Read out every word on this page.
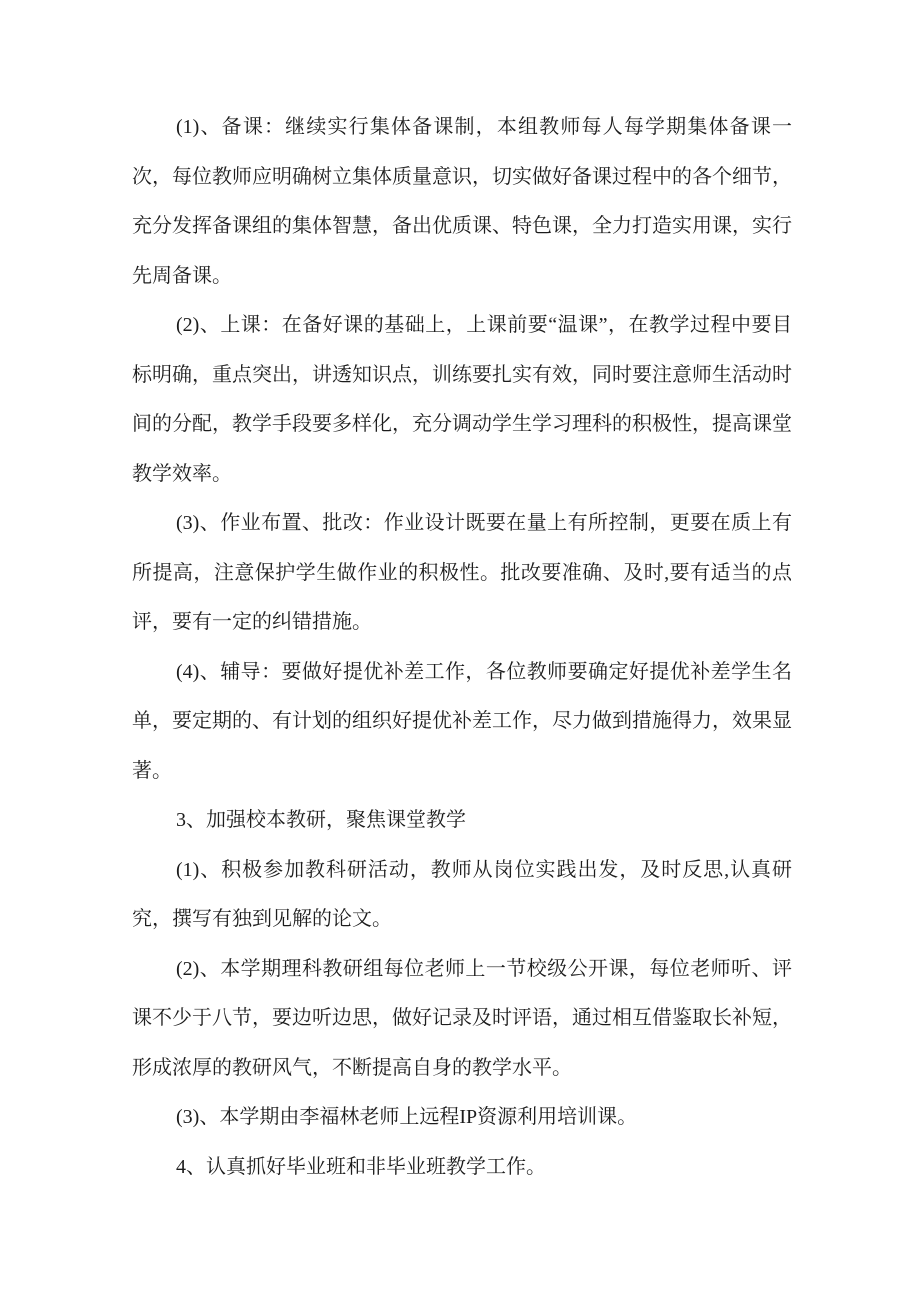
(1)、备课：继续实行集体备课制，本组教师每人每学期集体备课一次，每位教师应明确树立集体质量意识，切实做好备课过程中的各个细节，充分发挥备课组的集体智慧，备出优质课、特色课，全力打造实用课，实行先周备课。

(2)、上课：在备好课的基础上，上课前要“温课”，在教学过程中要目标明确，重点突出，讲透知识点，训练要扎实有效，同时要注意师生活动时间的分配，教学手段要多样化，充分调动学生学习理科的积极性，提高课堂教学效率。

(3)、作业布置、批改：作业设计既要在量上有所控制，更要在质上有所提高，注意保护学生做作业的积极性。批改要准确、及时,要有适当的点评，要有一定的纠错措施。

(4)、辅导：要做好提优补差工作，各位教师要确定好提优补差学生名单，要定期的、有计划的组织好提优补差工作，尽力做到措施得力，效果显著。

3、加强校本教研，聚焦课堂教学

(1)、积极参加教科研活动，教师从岗位实践出发，及时反思,认真研究，撰写有独到见解的论文。

(2)、本学期理科教研组每位老师上一节校级公开课，每位老师听、评课不少于八节，要边听边思，做好记录及时评语，通过相互借鉴取长补短，形成浓厚的教研风气，不断提高自身的教学水平。

(3)、本学期由李福林老师上远程IP资源利用培训课。

4、认真抓好毕业班和非毕业班教学工作。
